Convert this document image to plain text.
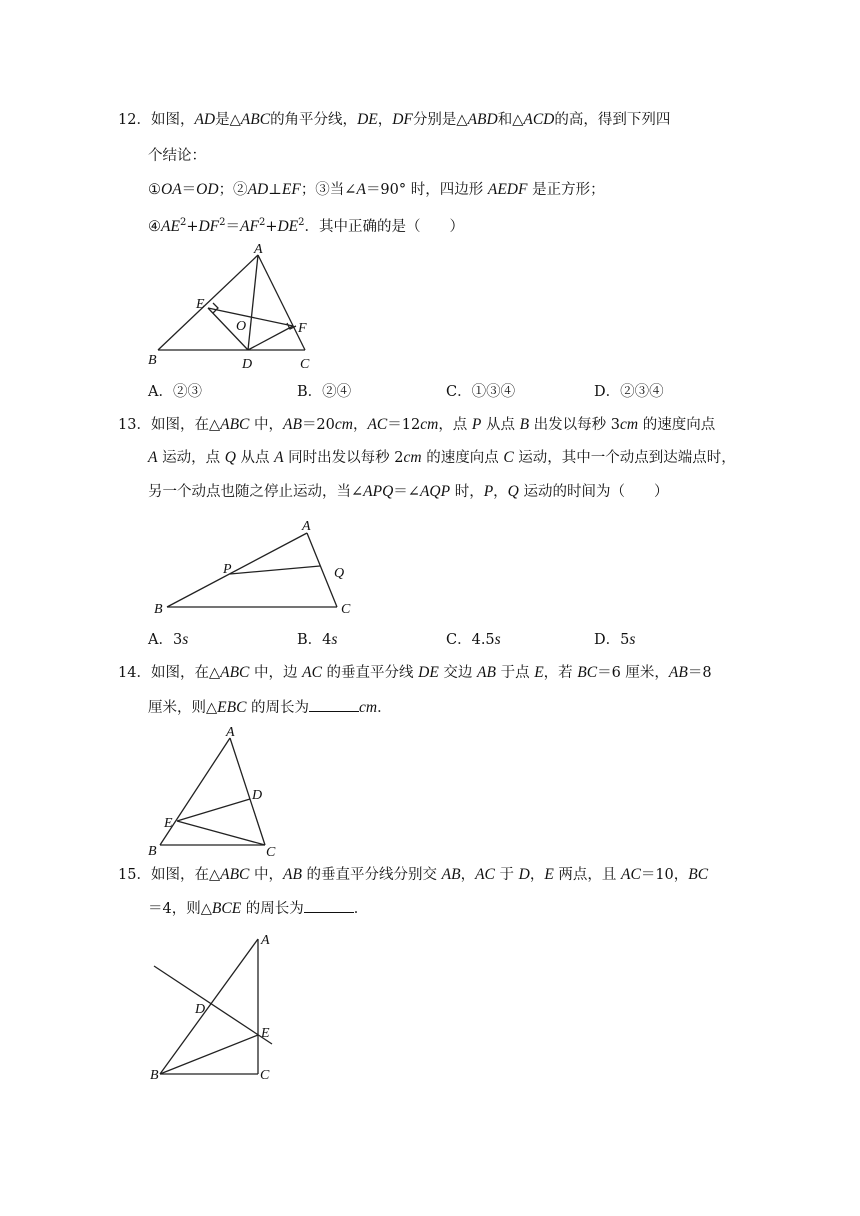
12．如图，AD是△ABC的角平分线，DE，DF分别是△ABD和△ACD的高，得到下列四
个结论：
①OA＝OD；②AD⊥EF；③当∠A＝90° 时，四边形 AEDF 是正方形；
$④AE^2+DF^2=AF^2+DE^2$．其中正确的是（　　）
A
E
O	F
B	D	C
A．②③	B．②④	C．①③④	D．②③④
13．如图，在△ABC 中，AB＝20cm，AC＝12cm，点 P 从点 B 出发以每秒 3cm 的速度向点
A 运动，点 Q 从点 A 同时出发以每秒 2cm 的速度向点 C 运动，其中一个动点到达端点时，
另一个动点也随之停止运动，当∠APQ＝∠AQP 时，P，Q 运动的时间为（　　）
A
P	Q
B	C
A．3s	B．4s	C．4.5s	D．5s
14．如图，在△ABC 中，边 AC 的垂直平分线 DE 交边 AB 于点 E，若 BC＝6 厘米，AB＝8
厘米，则△EBC 的周长为	cm．
A
D
E
B	C
15．如图，在△ABC 中，AB 的垂直平分线分别交 AB，AC 于 D，E 两点，且 AC＝10，BC
＝4，则△BCE 的周长为	．
A
D
E
B	C
